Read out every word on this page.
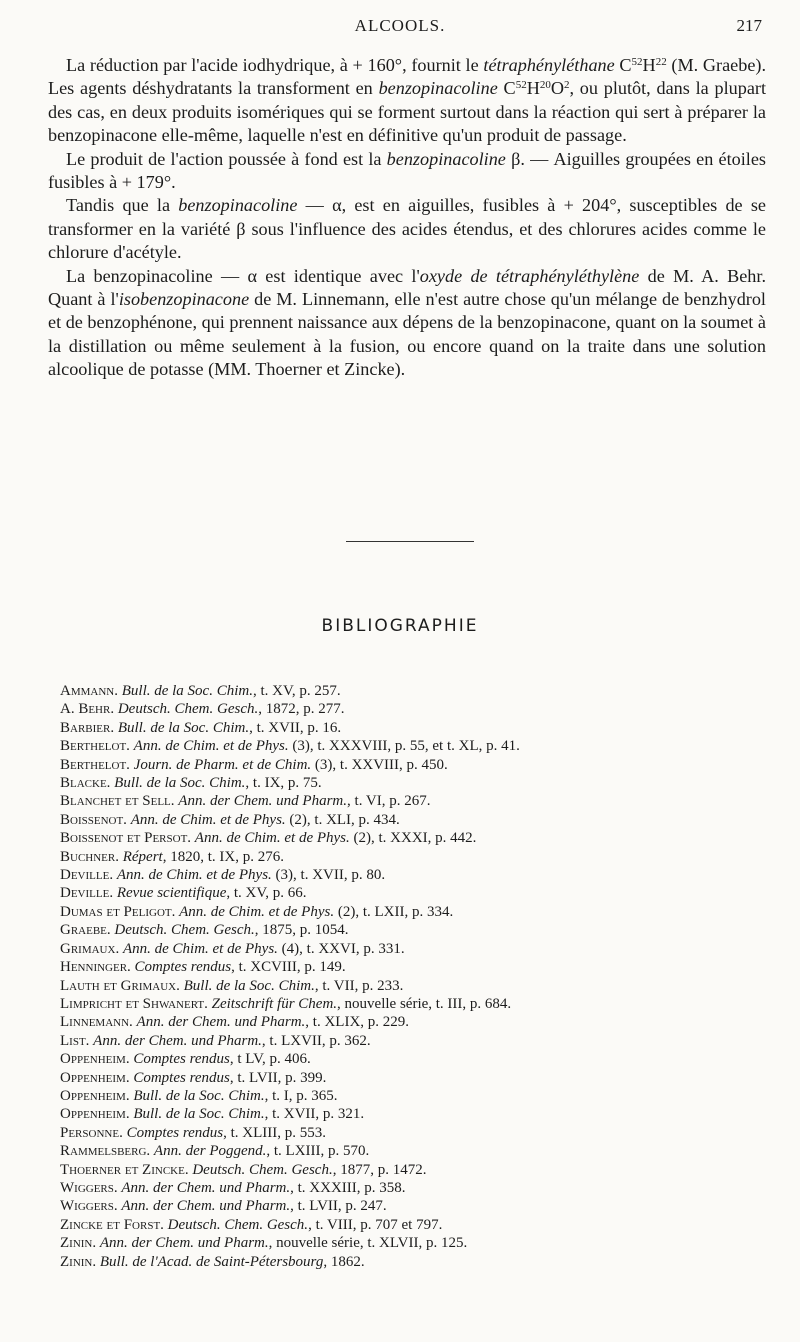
ALCOOLS.	217

La réduction par l'acide iodhydrique, à + 160°, fournit le tétraphényléthane $C^{52}H^{22}$ (M. Graebe). Les agents déshydratants la transforment en benzopinacoline $C^{52}H^{20}O^2$, ou plutôt, dans la plupart des cas, en deux produits isomériques qui se forment surtout dans la réaction qui sert à préparer la benzopinacone elle-même, laquelle n'est en définitive qu'un produit de passage.

Le produit de l'action poussée à fond est la benzopinacoline β. — Aiguilles groupées en étoiles fusibles à + 179°.

Tandis que la benzopinacoline — α, est en aiguilles, fusibles à + 204°, susceptibles de se transformer en la variété β sous l'influence des acides étendus, et des chlorures acides comme le chlorure d'acétyle.

La benzopinacoline — α est identique avec l'oxyde de tétraphényléthylène de M. A. Behr. Quant à l'isobenzopinacone de M. Linnemann, elle n'est autre chose qu'un mélange de benzhydrol et de benzophénone, qui prennent naissance aux dépens de la benzopinacone, quant on la soumet à la distillation ou même seulement à la fusion, ou encore quand on la traite dans une solution alcoolique de potasse (MM. Thoerner et Zincke).

BIBLIOGRAPHIE
Ammann. Bull. de la Soc. Chim., t. XV, p. 257.
A. Behr. Deutsch. Chem. Gesch., 1872, p. 277.
Barbier. Bull. de la Soc. Chim., t. XVII, p. 16.
Berthelot. Ann. de Chim. et de Phys. (3), t. XXXVIII, p. 55, et t. XL, p. 41.
Berthelot. Journ. de Pharm. et de Chim. (3), t. XXVIII, p. 450.
Blacke. Bull. de la Soc. Chim., t. IX, p. 75.
Blanchet et Sell. Ann. der Chem. und Pharm., t. VI, p. 267.
Boissenot. Ann. de Chim. et de Phys. (2), t. XLI, p. 434.
Boissenot et Persot. Ann. de Chim. et de Phys. (2), t. XXXI, p. 442.
Buchner. Répert, 1820, t. IX, p. 276.
Deville. Ann. de Chim. et de Phys. (3), t. XVII, p. 80.
Deville. Revue scientifique, t. XV, p. 66.
Dumas et Peligot. Ann. de Chim. et de Phys. (2), t. LXII, p. 334.
Graebe. Deutsch. Chem. Gesch., 1875, p. 1054.
Grimaux. Ann. de Chim. et de Phys. (4), t. XXVI, p. 331.
Henninger. Comptes rendus, t. XCVIII, p. 149.
Lauth et Grimaux. Bull. de la Soc. Chim., t. VII, p. 233.
Limpricht et Shwanert. Zeitschrift für Chem., nouvelle série, t. III, p. 684.
Linnemann. Ann. der Chem. und Pharm., t. XLIX, p. 229.
List. Ann. der Chem. und Pharm., t. LXVII, p. 362.
Oppenheim. Comptes rendus, t LV, p. 406.
Oppenheim. Comptes rendus, t. LVII, p. 399.
Oppenheim. Bull. de la Soc. Chim., t. I, p. 365.
Oppenheim. Bull. de la Soc. Chim., t. XVII, p. 321.
Personne. Comptes rendus, t. XLIII, p. 553.
Rammelsberg. Ann. der Poggend., t. LXIII, p. 570.
Thoerner et Zincke. Deutsch. Chem. Gesch., 1877, p. 1472.
Wiggers. Ann. der Chem. und Pharm., t. XXXIII, p. 358.
Wiggers. Ann. der Chem. und Pharm., t. LVII, p. 247.
Zincke et Forst. Deutsch. Chem. Gesch., t. VIII, p. 707 et 797.
Zinin. Ann. der Chem. und Pharm., nouvelle série, t. XLVII, p. 125.
Zinin. Bull. de l'Acad. de Saint-Pétersbourg, 1862.
